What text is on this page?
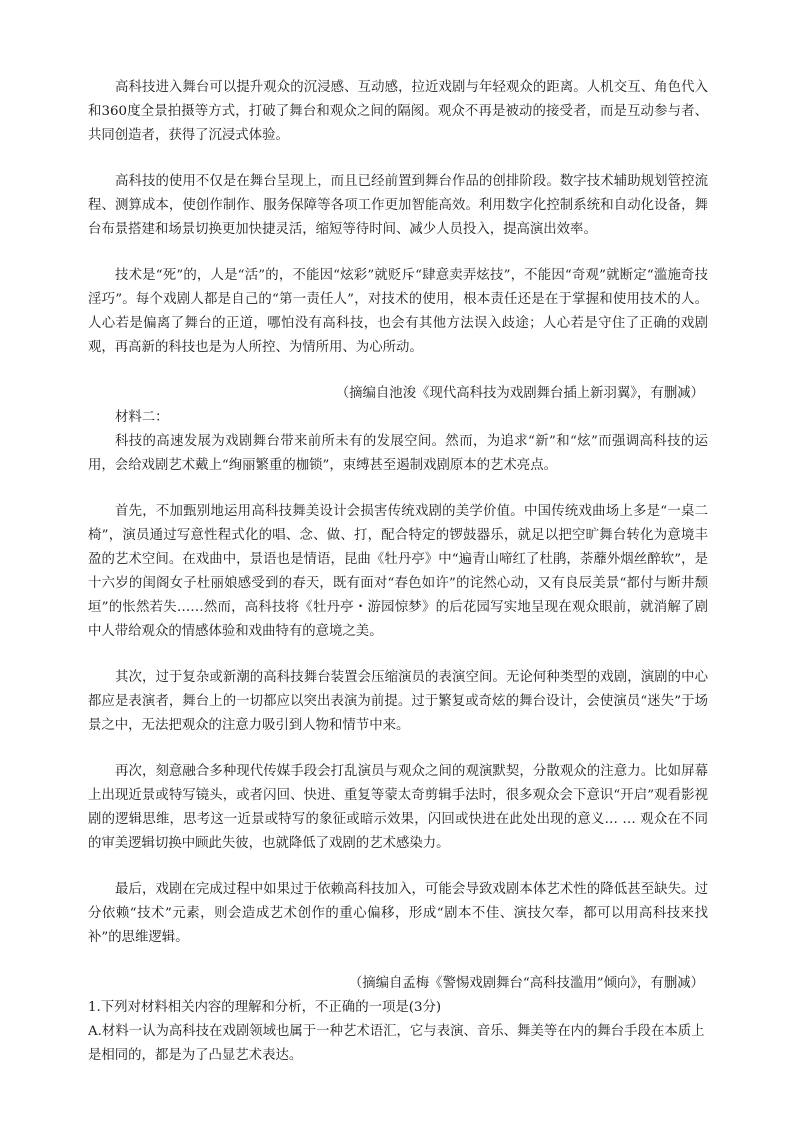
高科技进入舞台可以提升观众的沉浸感、互动感，拉近戏剧与年轻观众的距离。人机交互、角色代入和360度全景拍摄等方式，打破了舞台和观众之间的隔阂。观众不再是被动的接受者，而是互动参与者、共同创造者，获得了沉浸式体验。

高科技的使用不仅是在舞台呈现上，而且已经前置到舞台作品的创排阶段。数字技术辅助规划管控流程、测算成本，使创作制作、服务保障等各项工作更加智能高效。利用数字化控制系统和自动化设备，舞台布景搭建和场景切换更加快捷灵活，缩短等待时间、减少人员投入，提高演出效率。

技术是“死”的，人是“活”的，不能因“炫彩”就贬斥“肆意卖弄炫技”，不能因“奇观”就断定“滥施奇技淫巧”。每个戏剧人都是自己的“第一责任人”，对技术的使用，根本责任还是在于掌握和使用技术的人。人心若是偏离了舞台的正道，哪怕没有高科技，也会有其他方法误入歧途；人心若是守住了正确的戏剧观，再高新的科技也是为人所控、为情所用、为心所动。

（摘编自池浚《现代高科技为戏剧舞台插上新羽翼》，有删减）

材料二：

科技的高速发展为戏剧舞台带来前所未有的发展空间。然而，为追求“新”和“炫”而强调高科技的运用，会给戏剧艺术戴上“绚丽繁重的枷锁”，束缚甚至遏制戏剧原本的艺术亮点。

首先，不加甄别地运用高科技舞美设计会损害传统戏剧的美学价值。中国传统戏曲场上多是“一桌二椅”，演员通过写意性程式化的唱、念、做、打，配合特定的锣鼓器乐，就足以把空旷舞台转化为意境丰盈的艺术空间。在戏曲中，景语也是情语，昆曲《牡丹亭》中“遍青山啼红了杜鹃，荼蘼外烟丝醉软”，是十六岁的闺阁女子杜丽娘感受到的春天，既有面对“春色如许”的诧然心动，又有良辰美景“都付与断井颓垣”的怅然若失……然而，高科技将《牡丹亭・游园惊梦》的后花园写实地呈现在观众眼前，就消解了剧中人带给观众的情感体验和戏曲特有的意境之美。

其次，过于复杂或新潮的高科技舞台装置会压缩演员的表演空间。无论何种类型的戏剧，演剧的中心都应是表演者，舞台上的一切都应以突出表演为前提。过于繁复或奇炫的舞台设计，会使演员“迷失”于场景之中，无法把观众的注意力吸引到人物和情节中来。

再次，刻意融合多种现代传媒手段会打乱演员与观众之间的观演默契，分散观众的注意力。比如屏幕上出现近景或特写镜头，或者闪回、快进、重复等蒙太奇剪辑手法时，很多观众会下意识“开启”观看影视剧的逻辑思维，思考这一近景或特写的象征或暗示效果，闪回或快进在此处出现的意义… … 观众在不同的审美逻辑切换中顾此失彼，也就降低了戏剧的艺术感染力。

最后，戏剧在完成过程中如果过于依赖高科技加入，可能会导致戏剧本体艺术性的降低甚至缺失。过分依赖“技术”元素，则会造成艺术创作的重心偏移，形成“剧本不佳、演技欠奉，都可以用高科技来找补”的思维逻辑。

（摘编自孟梅《警惕戏剧舞台“高科技滥用”倾向》，有删减）

1.下列对材料相关内容的理解和分析，不正确的一项是(3分)

A.材料一认为高科技在戏剧领域也属于一种艺术语汇，它与表演、音乐、舞美等在内的舞台手段在本质上是相同的，都是为了凸显艺术表达。
